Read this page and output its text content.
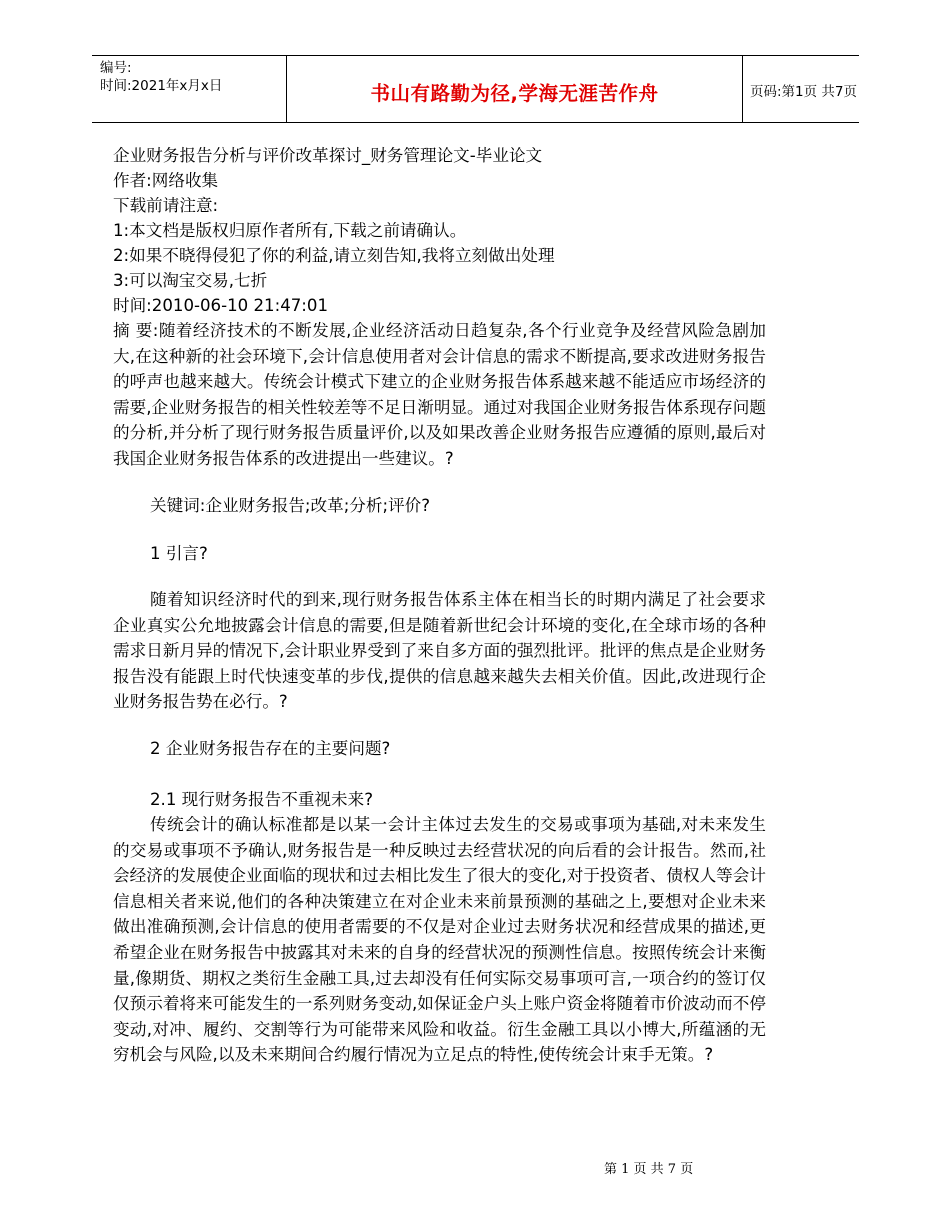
编号:
时间:2021年x月x日	书山有路勤为径,学海无涯苦作舟	页码:第1页 共7页
企业财务报告分析与评价改革探讨_财务管理论文-毕业论文
作者:网络收集
下载前请注意:
1:本文档是版权归原作者所有,下载之前请确认。
2:如果不晓得侵犯了你的利益,请立刻告知,我将立刻做出处理
3:可以淘宝交易,七折
时间:2010-06-10 21:47:01
摘 要:随着经济技术的不断发展,企业经济活动日趋复杂,各个行业竞争及经营风险急剧加大,在这种新的社会环境下,会计信息使用者对会计信息的需求不断提高,要求改进财务报告的呼声也越来越大。传统会计模式下建立的企业财务报告体系越来越不能适应市场经济的需要,企业财务报告的相关性较差等不足日渐明显。通过对我国企业财务报告体系现存问题的分析,并分析了现行财务报告质量评价,以及如果改善企业财务报告应遵循的原则,最后对我国企业财务报告体系的改进提出一些建议。?
关键词:企业财务报告;改革;分析;评价?
1 引言?
随着知识经济时代的到来,现行财务报告体系主体在相当长的时期内满足了社会要求企业真实公允地披露会计信息的需要,但是随着新世纪会计环境的变化,在全球市场的各种需求日新月异的情况下,会计职业界受到了来自多方面的强烈批评。批评的焦点是企业财务报告没有能跟上时代快速变革的步伐,提供的信息越来越失去相关价值。因此,改进现行企业财务报告势在必行。?
2 企业财务报告存在的主要问题?
2.1 现行财务报告不重视未来?
传统会计的确认标准都是以某一会计主体过去发生的交易或事项为基础,对未来发生的交易或事项不予确认,财务报告是一种反映过去经营状况的向后看的会计报告。然而,社会经济的发展使企业面临的现状和过去相比发生了很大的变化,对于投资者、债权人等会计信息相关者来说,他们的各种决策建立在对企业未来前景预测的基础之上,要想对企业未来做出准确预测,会计信息的使用者需要的不仅是对企业过去财务状况和经营成果的描述,更希望企业在财务报告中披露其对未来的自身的经营状况的预测性信息。按照传统会计来衡量,像期货、期权之类衍生金融工具,过去却没有任何实际交易事项可言,一项合约的签订仅仅预示着将来可能发生的一系列财务变动,如保证金户头上账户资金将随着市价波动而不停变动,对冲、履约、交割等行为可能带来风险和收益。衍生金融工具以小博大,所蕴涵的无穷机会与风险,以及未来期间合约履行情况为立足点的特性,使传统会计束手无策。?
第 1 页 共 7 页
